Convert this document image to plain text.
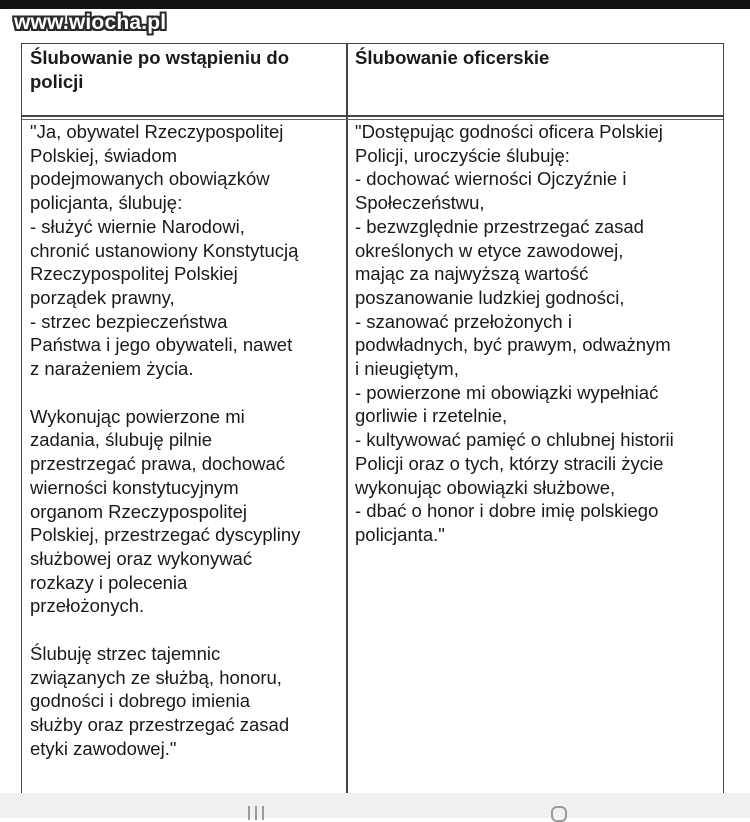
www.wiocha.pl
Ślubowanie po wstąpieniu do
policji
Ślubowanie oficerskie
"Ja, obywatel Rzeczypospolitej
Polskiej, świadom
podejmowanych obowiązków
policjanta, ślubuję:
- służyć wiernie Narodowi,
chronić ustanowiony Konstytucją
Rzeczypospolitej Polskiej
porządek prawny,
- strzec bezpieczeństwa
Państwa i jego obywateli, nawet
z narażeniem życia.
Wykonując powierzone mi
zadania, ślubuję pilnie
przestrzegać prawa, dochować
wierności konstytucyjnym
organom Rzeczypospolitej
Polskiej, przestrzegać dyscypliny
służbowej oraz wykonywać
rozkazy i polecenia
przełożonych.
Ślubuję strzec tajemnic
związanych ze służbą, honoru,
godności i dobrego imienia
służby oraz przestrzegać zasad
etyki zawodowej."
"Dostępując godności oficera Polskiej
Policji, uroczyście ślubuję:
- dochować wierności Ojczyźnie i
Społeczeństwu,
- bezwzględnie przestrzegać zasad
określonych w etyce zawodowej,
mając za najwyższą wartość
poszanowanie ludzkiej godności,
- szanować przełożonych i
podwładnych, być prawym, odważnym
i nieugiętym,
- powierzone mi obowiązki wypełniać
gorliwie i rzetelnie,
- kultywować pamięć o chlubnej historii
Policji oraz o tych, którzy stracili życie
wykonując obowiązki służbowe,
- dbać o honor i dobre imię polskiego
policjanta."
